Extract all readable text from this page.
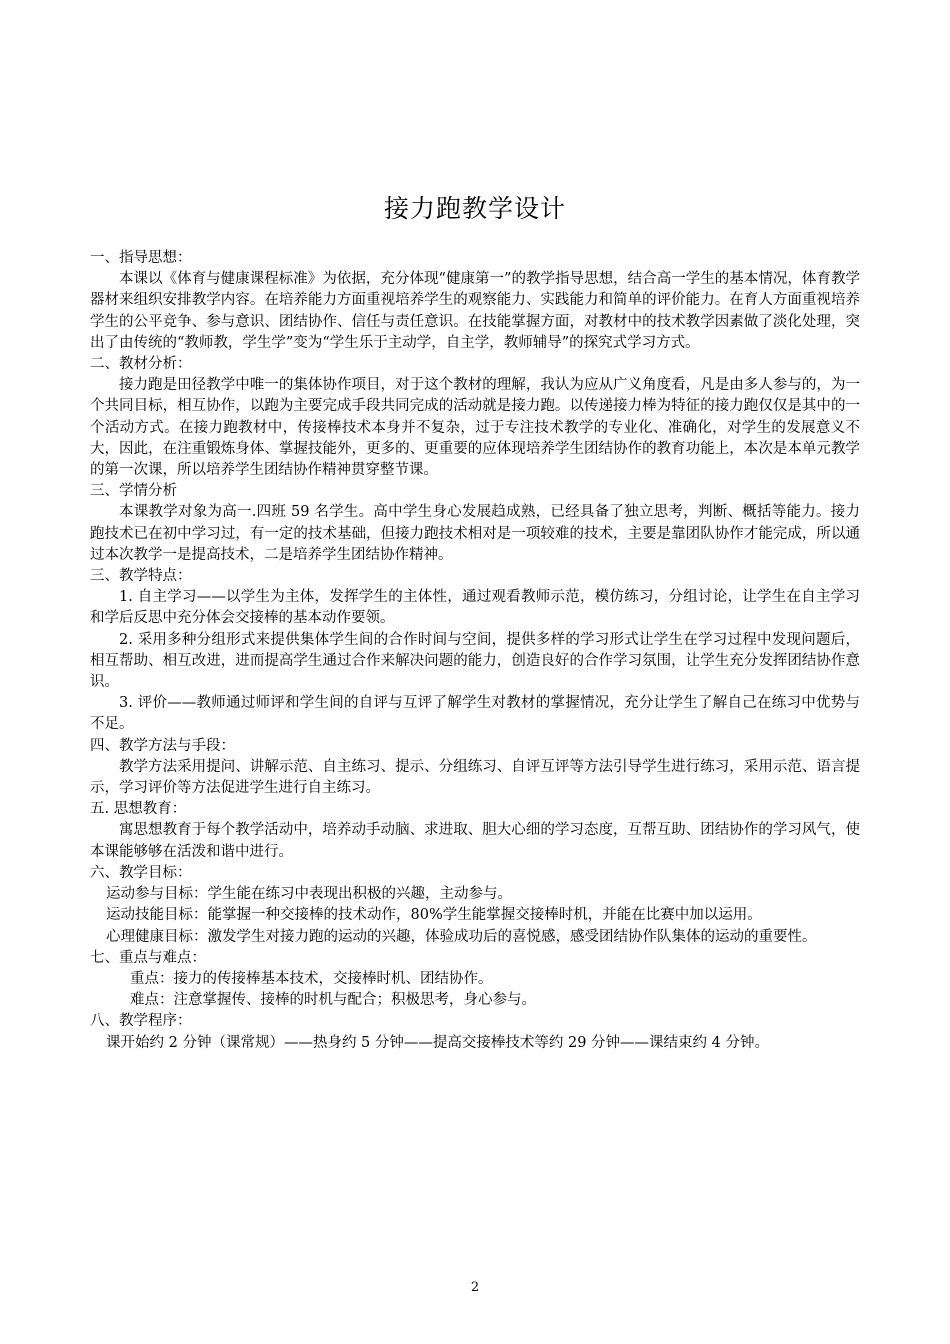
接力跑教学设计

一、指导思想：

本课以《体育与健康课程标准》为依据，充分体现“健康第一”的教学指导思想，结合高一学生的基本情况，体育教学器材来组织安排教学内容。在培养能力方面重视培养学生的观察能力、实践能力和简单的评价能力。在育人方面重视培养学生的公平竞争、参与意识、团结协作、信任与责任意识。在技能掌握方面，对教材中的技术教学因素做了淡化处理，突出了由传统的“教师教，学生学”变为“学生乐于主动学，自主学，教师辅导”的探究式学习方式。

二、教材分析：

接力跑是田径教学中唯一的集体协作项目，对于这个教材的理解，我认为应从广义角度看，凡是由多人参与的，为一个共同目标，相互协作，以跑为主要完成手段共同完成的活动就是接力跑。以传递接力棒为特征的接力跑仅仅是其中的一个活动方式。在接力跑教材中，传接棒技术本身并不复杂，过于专注技术教学的专业化、准确化，对学生的发展意义不大，因此，在注重锻炼身体、掌握技能外，更多的、更重要的应体现培养学生团结协作的教育功能上，本次是本单元教学的第一次课，所以培养学生团结协作精神贯穿整节课。

三、学情分析

本课教学对象为高一.四班 59 名学生。高中学生身心发展趋成熟，已经具备了独立思考，判断、概括等能力。接力跑技术已在初中学习过，有一定的技术基础，但接力跑技术相对是一项较难的技术，主要是靠团队协作才能完成，所以通过本次教学一是提高技术，二是培养学生团结协作精神。

三、教学特点：

1. 自主学习——以学生为主体，发挥学生的主体性，通过观看教师示范，模仿练习，分组讨论，让学生在自主学习和学后反思中充分体会交接棒的基本动作要领。

2. 采用多种分组形式来提供集体学生间的合作时间与空间，提供多样的学习形式让学生在学习过程中发现问题后，相互帮助、相互改进，进而提高学生通过合作来解决问题的能力，创造良好的合作学习氛围，让学生充分发挥团结协作意识。

3. 评价——教师通过师评和学生间的自评与互评了解学生对教材的掌握情况，充分让学生了解自己在练习中优势与不足。

四、教学方法与手段：

教学方法采用提问、讲解示范、自主练习、提示、分组练习、自评互评等方法引导学生进行练习，采用示范、语言提示，学习评价等方法促进学生进行自主练习。

五. 思想教育：

寓思想教育于每个教学活动中，培养动手动脑、求进取、胆大心细的学习态度，互帮互助、团结协作的学习风气，使本课能够够在活泼和谐中进行。

六、教学目标：

运动参与目标：学生能在练习中表现出积极的兴趣，主动参与。

运动技能目标：能掌握一种交接棒的技术动作，80%学生能掌握交接棒时机，并能在比赛中加以运用。

心理健康目标：激发学生对接力跑的运动的兴趣，体验成功后的喜悦感，感受团结协作队集体的运动的重要性。

七、重点与难点：

重点：接力的传接棒基本技术，交接棒时机、团结协作。

难点：注意掌握传、接棒的时机与配合；积极思考，身心参与。

八、教学程序：

课开始约 2 分钟（课常规）——热身约 5 分钟——提高交接棒技术等约 29 分钟——课结束约 4 分钟。

2
